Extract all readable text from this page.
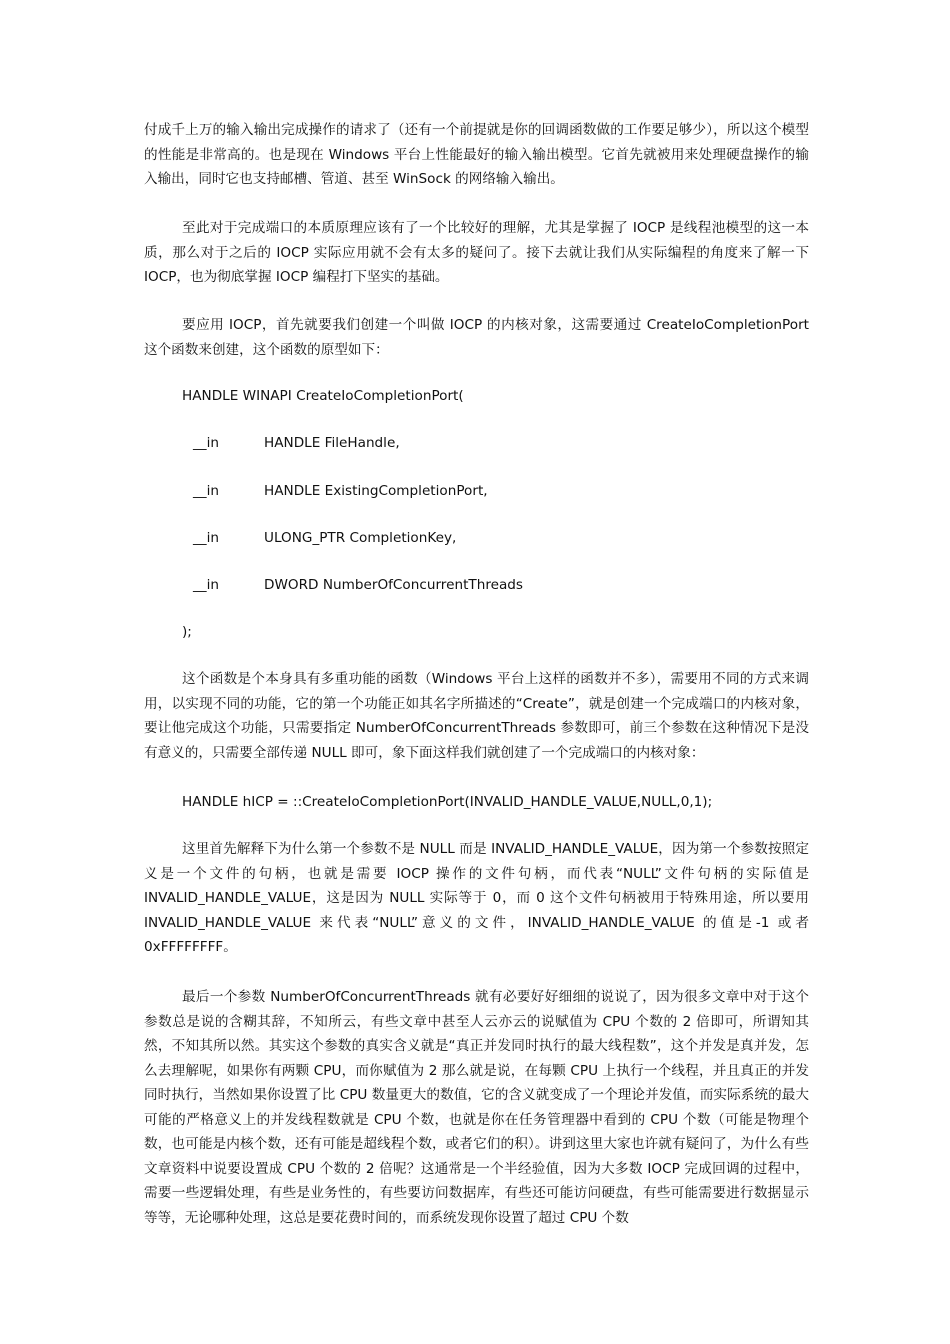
付成千上万的输入输出完成操作的请求了（还有一个前提就是你的回调函数做的工作要足够少），所以这个模型的性能是非常高的。也是现在 Windows 平台上性能最好的输入输出模型。它首先就被用来处理硬盘操作的输入输出，同时它也支持邮槽、管道、甚至 WinSock 的网络输入输出。

至此对于完成端口的本质原理应该有了一个比较好的理解，尤其是掌握了 IOCP 是线程池模型的这一本质，那么对于之后的 IOCP 实际应用就不会有太多的疑问了。接下去就让我们从实际编程的角度来了解一下 IOCP，也为彻底掌握 IOCP 编程打下坚实的基础。

要应用 IOCP，首先就要我们创建一个叫做 IOCP 的内核对象，这需要通过 CreateIoCompletionPort 这个函数来创建，这个函数的原型如下：

HANDLE WINAPI CreateIoCompletionPort(
__in	HANDLE FileHandle,
__in	HANDLE ExistingCompletionPort,
__in	ULONG_PTR CompletionKey,
__in	DWORD NumberOfConcurrentThreads
);

这个函数是个本身具有多重功能的函数（Windows 平台上这样的函数并不多），需要用不同的方式来调用，以实现不同的功能，它的第一个功能正如其名字所描述的“Create”，就是创建一个完成端口的内核对象，要让他完成这个功能，只需要指定 NumberOfConcurrentThreads 参数即可，前三个参数在这种情况下是没有意义的，只需要全部传递 NULL 即可，象下面这样我们就创建了一个完成端口的内核对象：

HANDLE hICP = ::CreateIoCompletionPort(INVALID_HANDLE_VALUE,NULL,0,1);

这里首先解释下为什么第一个参数不是 NULL 而是 INVALID_HANDLE_VALUE，因为第一个参数按照定义是一个文件的句柄，也就是需要 IOCP 操作的文件句柄，而代表“NULL”文件句柄的实际值是 INVALID_HANDLE_VALUE，这是因为 NULL 实际等于 0，而 0 这个文件句柄被用于特殊用途，所以要用 INVALID_HANDLE_VALUE 来代表“NULL”意义的文件，INVALID_HANDLE_VALUE 的值是-1 或者 0xFFFFFFFF。

最后一个参数 NumberOfConcurrentThreads 就有必要好好细细的说说了，因为很多文章中对于这个参数总是说的含糊其辞，不知所云，有些文章中甚至人云亦云的说赋值为 CPU 个数的 2 倍即可，所谓知其然，不知其所以然。其实这个参数的真实含义就是“真正并发同时执行的最大线程数”，这个并发是真并发，怎么去理解呢，如果你有两颗 CPU，而你赋值为 2 那么就是说，在每颗 CPU 上执行一个线程，并且真正的并发同时执行，当然如果你设置了比 CPU 数量更大的数值，它的含义就变成了一个理论并发值，而实际系统的最大可能的严格意义上的并发线程数就是 CPU 个数，也就是你在任务管理器中看到的 CPU 个数（可能是物理个数，也可能是内核个数，还有可能是超线程个数，或者它们的积）。讲到这里大家也许就有疑问了，为什么有些文章资料中说要设置成 CPU 个数的 2 倍呢？这通常是一个半经验值，因为大多数 IOCP 完成回调的过程中，需要一些逻辑处理，有些是业务性的，有些要访问数据库，有些还可能访问硬盘，有些可能需要进行数据显示等等，无论哪种处理，这总是要花费时间的，而系统发现你设置了超过 CPU 个数
